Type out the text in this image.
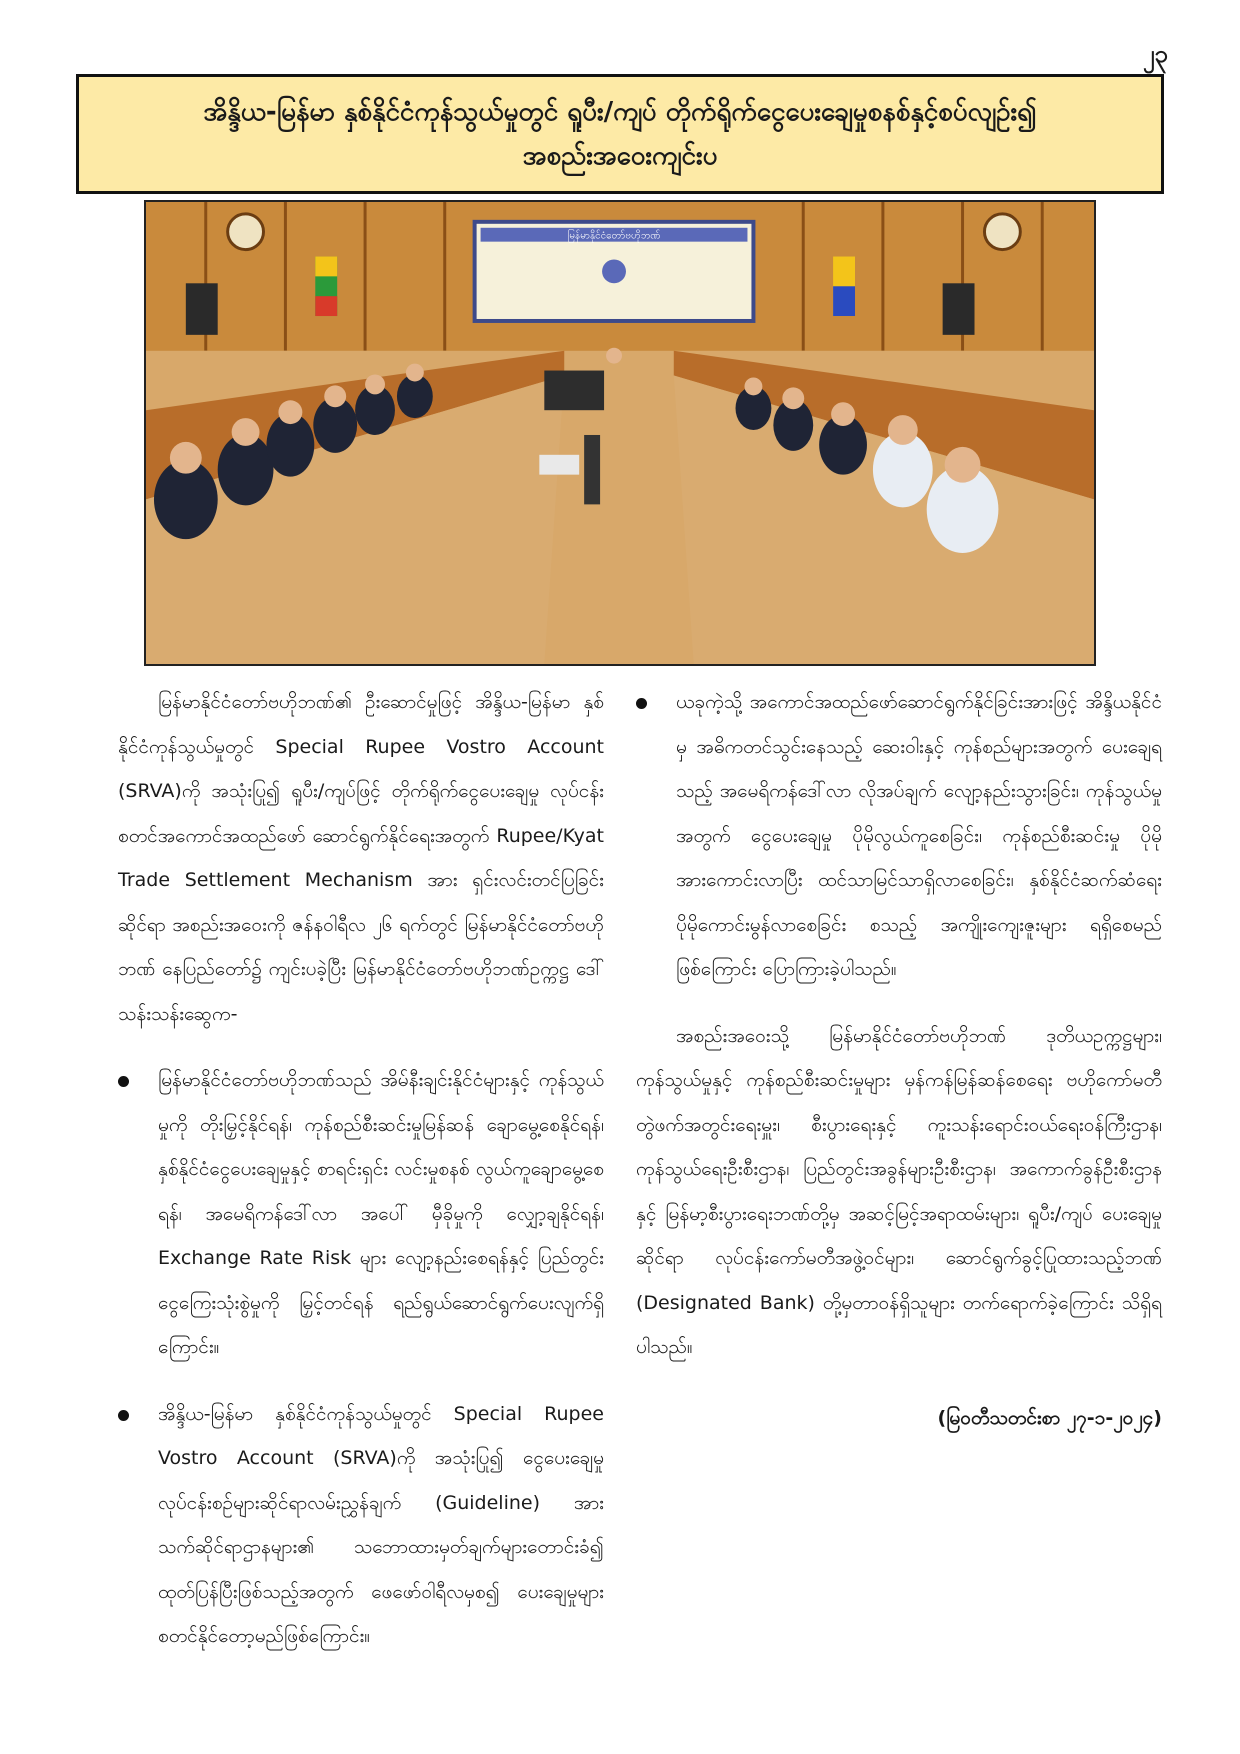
၂၃
အိန္ဒိယ-မြန်မာ နှစ်နိုင်ငံကုန်သွယ်မှုတွင် ရူပီး/ကျပ် တိုက်ရိုက်ငွေပေးချေမှုစနစ်နှင့်စပ်လျဉ်း၍
အစည်းအဝေးကျင်းပ
မြန်မာနိုင်ငံတော်ဗဟိုဘဏ်

မြန်မာနိုင်ငံတော်ဗဟိုဘဏ်၏ ဦးဆောင်မှုဖြင့် အိန္ဒိယ-မြန်မာ နှစ်နိုင်ငံကုန်သွယ်မှုတွင် Special Rupee Vostro Account (SRVA)ကို အသုံးပြု၍ ရူပီး/ကျပ်ဖြင့် တိုက်ရိုက်ငွေပေးချေမှု လုပ်ငန်းစတင်အကောင်အထည်ဖော် ဆောင်ရွက်နိုင်ရေးအတွက် Rupee/Kyat Trade Settlement Mechanism အား ရှင်းလင်းတင်ပြခြင်းဆိုင်ရာ အစည်းအဝေးကို ဇန်နဝါရီလ ၂၆ ရက်တွင် မြန်မာနိုင်ငံတော်ဗဟိုဘဏ် နေပြည်တော်၌ ကျင်းပခဲ့ပြီး မြန်မာနိုင်ငံတော်ဗဟိုဘဏ်ဥက္ကဋ္ဌ ဒေါ်သန်းသန်းဆွေက-

မြန်မာနိုင်ငံတော်ဗဟိုဘဏ်သည် အိမ်နီးချင်းနိုင်ငံများနှင့် ကုန်သွယ်မှုကို တိုးမြှင့်နိုင်ရန်၊ ကုန်စည်စီးဆင်းမှုမြန်ဆန် ချောမွေ့စေနိုင်ရန်၊ နှစ်နိုင်ငံငွေပေးချေမှုနှင့် စာရင်းရှင်း လင်းမှုစနစ် လွယ်ကူချောမွေ့စေရန်၊ အမေရိကန်ဒေါ်လာ အပေါ် မှီခိုမှုကို လျှော့ချနိုင်ရန်၊ Exchange Rate Risk များ လျော့နည်းစေရန်နှင့် ပြည်တွင်းငွေကြေးသုံးစွဲမှုကို မြှင့်တင်ရန် ရည်ရွယ်ဆောင်ရွက်ပေးလျက်ရှိကြောင်း။

အိန္ဒိယ-မြန်မာ နှစ်နိုင်ငံကုန်သွယ်မှုတွင် Special Rupee Vostro Account (SRVA)ကို အသုံးပြု၍ ငွေပေးချေမှုလုပ်ငန်းစဉ်များဆိုင်ရာလမ်းညွှန်ချက် (Guideline) အား သက်ဆိုင်ရာဌာနများ၏ သဘောထားမှတ်ချက်များတောင်းခံ၍ ထုတ်ပြန်ပြီးဖြစ်သည့်အတွက် ဖေဖော်ဝါရီလမှစ၍ ပေးချေမှုများ စတင်နိုင်တော့မည်ဖြစ်ကြောင်း။

ယခုကဲ့သို့ အကောင်အထည်ဖော်ဆောင်ရွက်နိုင်ခြင်းအားဖြင့် အိန္ဒိယနိုင်ငံမှ အဓိကတင်သွင်းနေသည့် ဆေးဝါးနှင့် ကုန်စည်များအတွက် ပေးချေရသည့် အမေရိကန်ဒေါ်လာ လိုအပ်ချက် လျော့နည်းသွားခြင်း၊ ကုန်သွယ်မှုအတွက် ငွေပေးချေမှု ပိုမိုလွယ်ကူစေခြင်း၊ ကုန်စည်စီးဆင်းမှု ပိုမိုအားကောင်းလာပြီး ထင်သာမြင်သာရှိလာစေခြင်း၊ နှစ်နိုင်ငံဆက်ဆံရေး ပိုမိုကောင်းမွန်လာစေခြင်း စသည့် အကျိုးကျေးဇူးများ ရရှိစေမည်ဖြစ်ကြောင်း ပြောကြားခဲ့ပါသည်။

အစည်းအဝေးသို့ မြန်မာနိုင်ငံတော်ဗဟိုဘဏ် ဒုတိယဥက္ကဋ္ဌများ၊ ကုန်သွယ်မှုနှင့် ကုန်စည်စီးဆင်းမှုများ မှန်ကန်မြန်ဆန်စေရေး ဗဟိုကော်မတီ တွဲဖက်အတွင်းရေးမှူး၊ စီးပွားရေးနှင့် ကူးသန်းရောင်းဝယ်ရေးဝန်ကြီးဌာန၊ ကုန်သွယ်ရေးဦးစီးဌာန၊ ပြည်တွင်းအခွန်များဦးစီးဌာန၊ အကောက်ခွန်ဦးစီးဌာနနှင့် မြန်မာ့စီးပွားရေးဘဏ်တို့မှ အဆင့်မြင့်အရာထမ်းများ၊ ရူပီး/ကျပ် ပေးချေမှုဆိုင်ရာ လုပ်ငန်းကော်မတီအဖွဲ့ဝင်များ၊ ဆောင်ရွက်ခွင့်ပြုထားသည့်ဘဏ် (Designated Bank) တို့မှတာဝန်ရှိသူများ တက်ရောက်ခဲ့ကြောင်း သိရှိရပါသည်။

(မြဝတီသတင်းစာ ၂၇-၁-၂၀၂၄)
